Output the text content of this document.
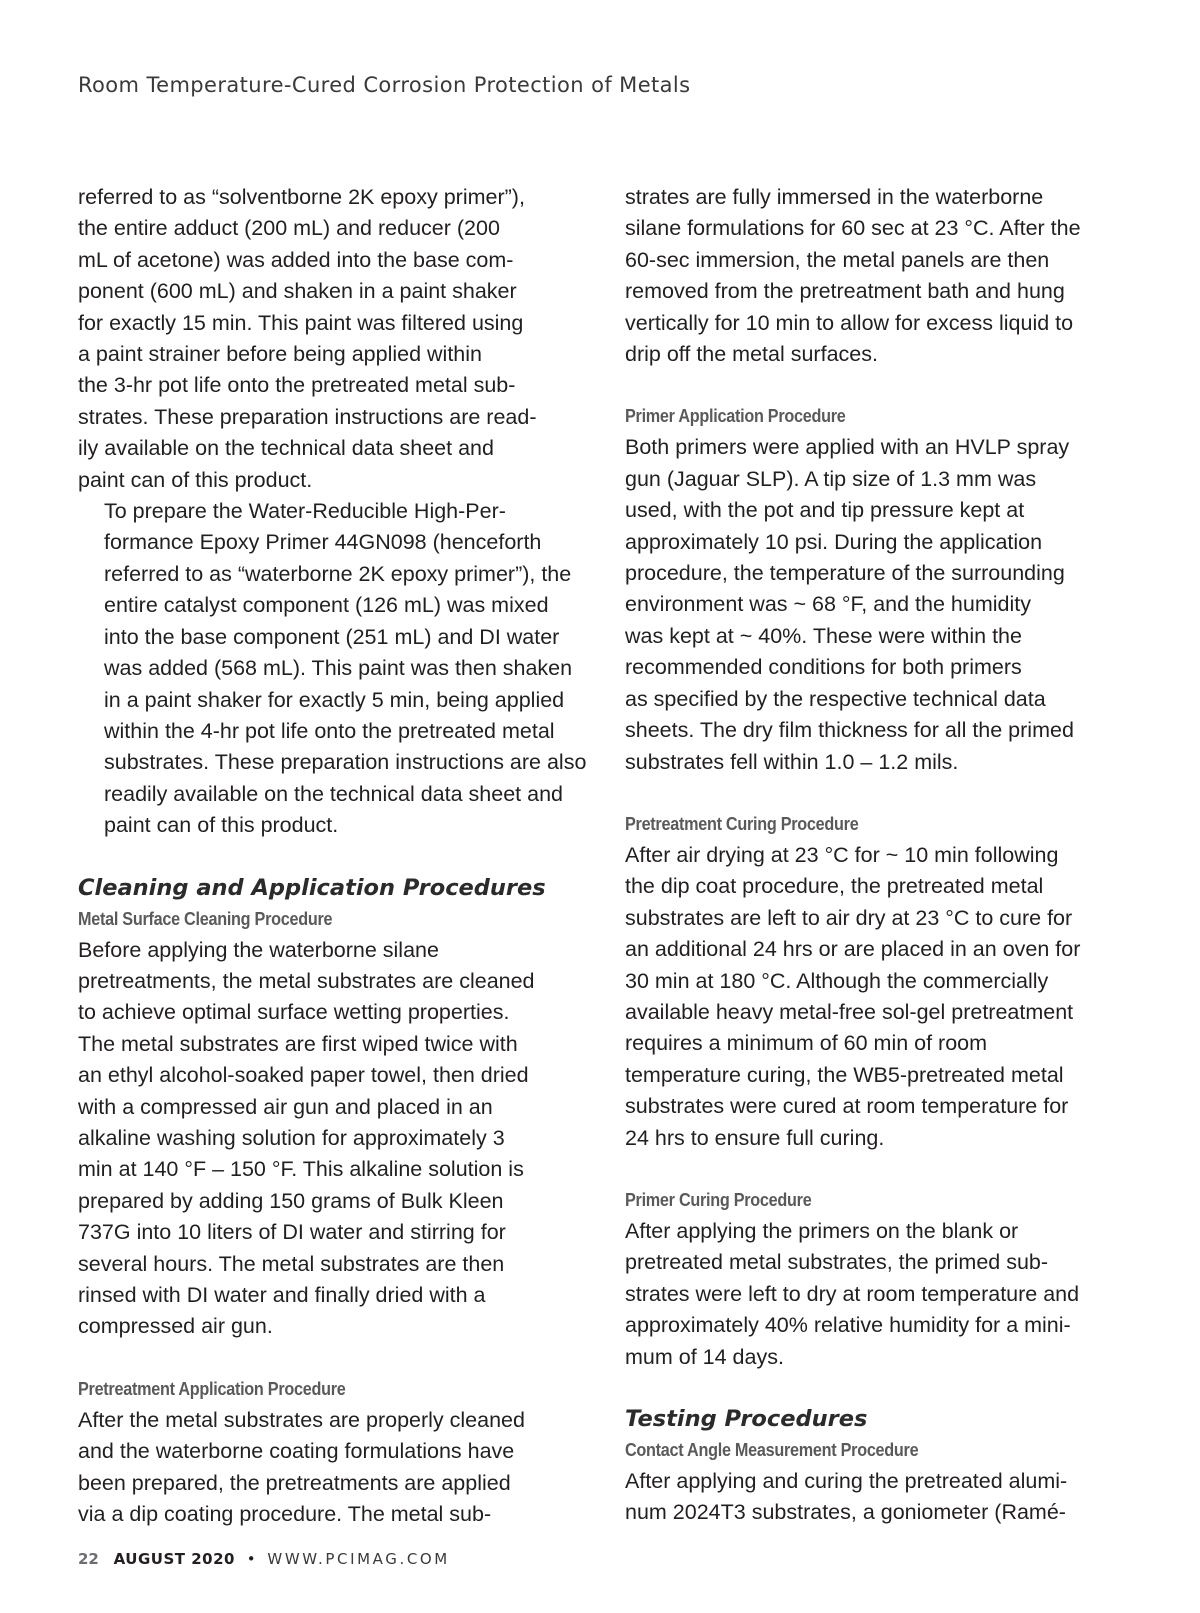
Room Temperature-Cured Corrosion Protection of Metals

referred to as “solventborne 2K epoxy primer”),
the entire adduct (200 mL) and reducer (200
mL of acetone) was added into the base com-
ponent (600 mL) and shaken in a paint shaker
for exactly 15 min. This paint was filtered using
a paint strainer before being applied within
the 3-hr pot life onto the pretreated metal sub-
strates. These preparation instructions are read-
ily available on the technical data sheet and
paint can of this product.

To prepare the Water-Reducible High-Per-
formance Epoxy Primer 44GN098 (henceforth
referred to as “waterborne 2K epoxy primer”), the
entire catalyst component (126 mL) was mixed
into the base component (251 mL) and DI water
was added (568 mL). This paint was then shaken
in a paint shaker for exactly 5 min, being applied
within the 4-hr pot life onto the pretreated metal
substrates. These preparation instructions are also
readily available on the technical data sheet and
paint can of this product.

Cleaning and Application Procedures
Metal Surface Cleaning Procedure

Before applying the waterborne silane
pretreatments, the metal substrates are cleaned
to achieve optimal surface wetting properties.
The metal substrates are first wiped twice with
an ethyl alcohol-soaked paper towel, then dried
with a compressed air gun and placed in an
alkaline washing solution for approximately 3
min at 140 °F – 150 °F. This alkaline solution is
prepared by adding 150 grams of Bulk Kleen
737G into 10 liters of DI water and stirring for
several hours. The metal substrates are then
rinsed with DI water and finally dried with a
compressed air gun.

Pretreatment Application Procedure

After the metal substrates are properly cleaned
and the waterborne coating formulations have
been prepared, the pretreatments are applied
via a dip coating procedure. The metal sub-

strates are fully immersed in the waterborne
silane formulations for 60 sec at 23 °C. After the
60-sec immersion, the metal panels are then
removed from the pretreatment bath and hung
vertically for 10 min to allow for excess liquid to
drip off the metal surfaces.

Primer Application Procedure

Both primers were applied with an HVLP spray
gun (Jaguar SLP). A tip size of 1.3 mm was
used, with the pot and tip pressure kept at
approximately 10 psi. During the application
procedure, the temperature of the surrounding
environment was ~ 68 °F, and the humidity
was kept at ~ 40%. These were within the
recommended conditions for both primers
as specified by the respective technical data
sheets. The dry film thickness for all the primed
substrates fell within 1.0 – 1.2 mils.

Pretreatment Curing Procedure

After air drying at 23 °C for ~ 10 min following
the dip coat procedure, the pretreated metal
substrates are left to air dry at 23 °C to cure for
an additional 24 hrs or are placed in an oven for
30 min at 180 °C. Although the commercially
available heavy metal-free sol-gel pretreatment
requires a minimum of 60 min of room
temperature curing, the WB5-pretreated metal
substrates were cured at room temperature for
24 hrs to ensure full curing.

Primer Curing Procedure

After applying the primers on the blank or
pretreated metal substrates, the primed sub-
strates were left to dry at room temperature and
approximately 40% relative humidity for a mini-
mum of 14 days.

Testing Procedures
Contact Angle Measurement Procedure

After applying and curing the pretreated alumi-
num 2024T3 substrates, a goniometer (Ramé-

22 AUGUST 2020 • WWW.PCIMAG.COM
